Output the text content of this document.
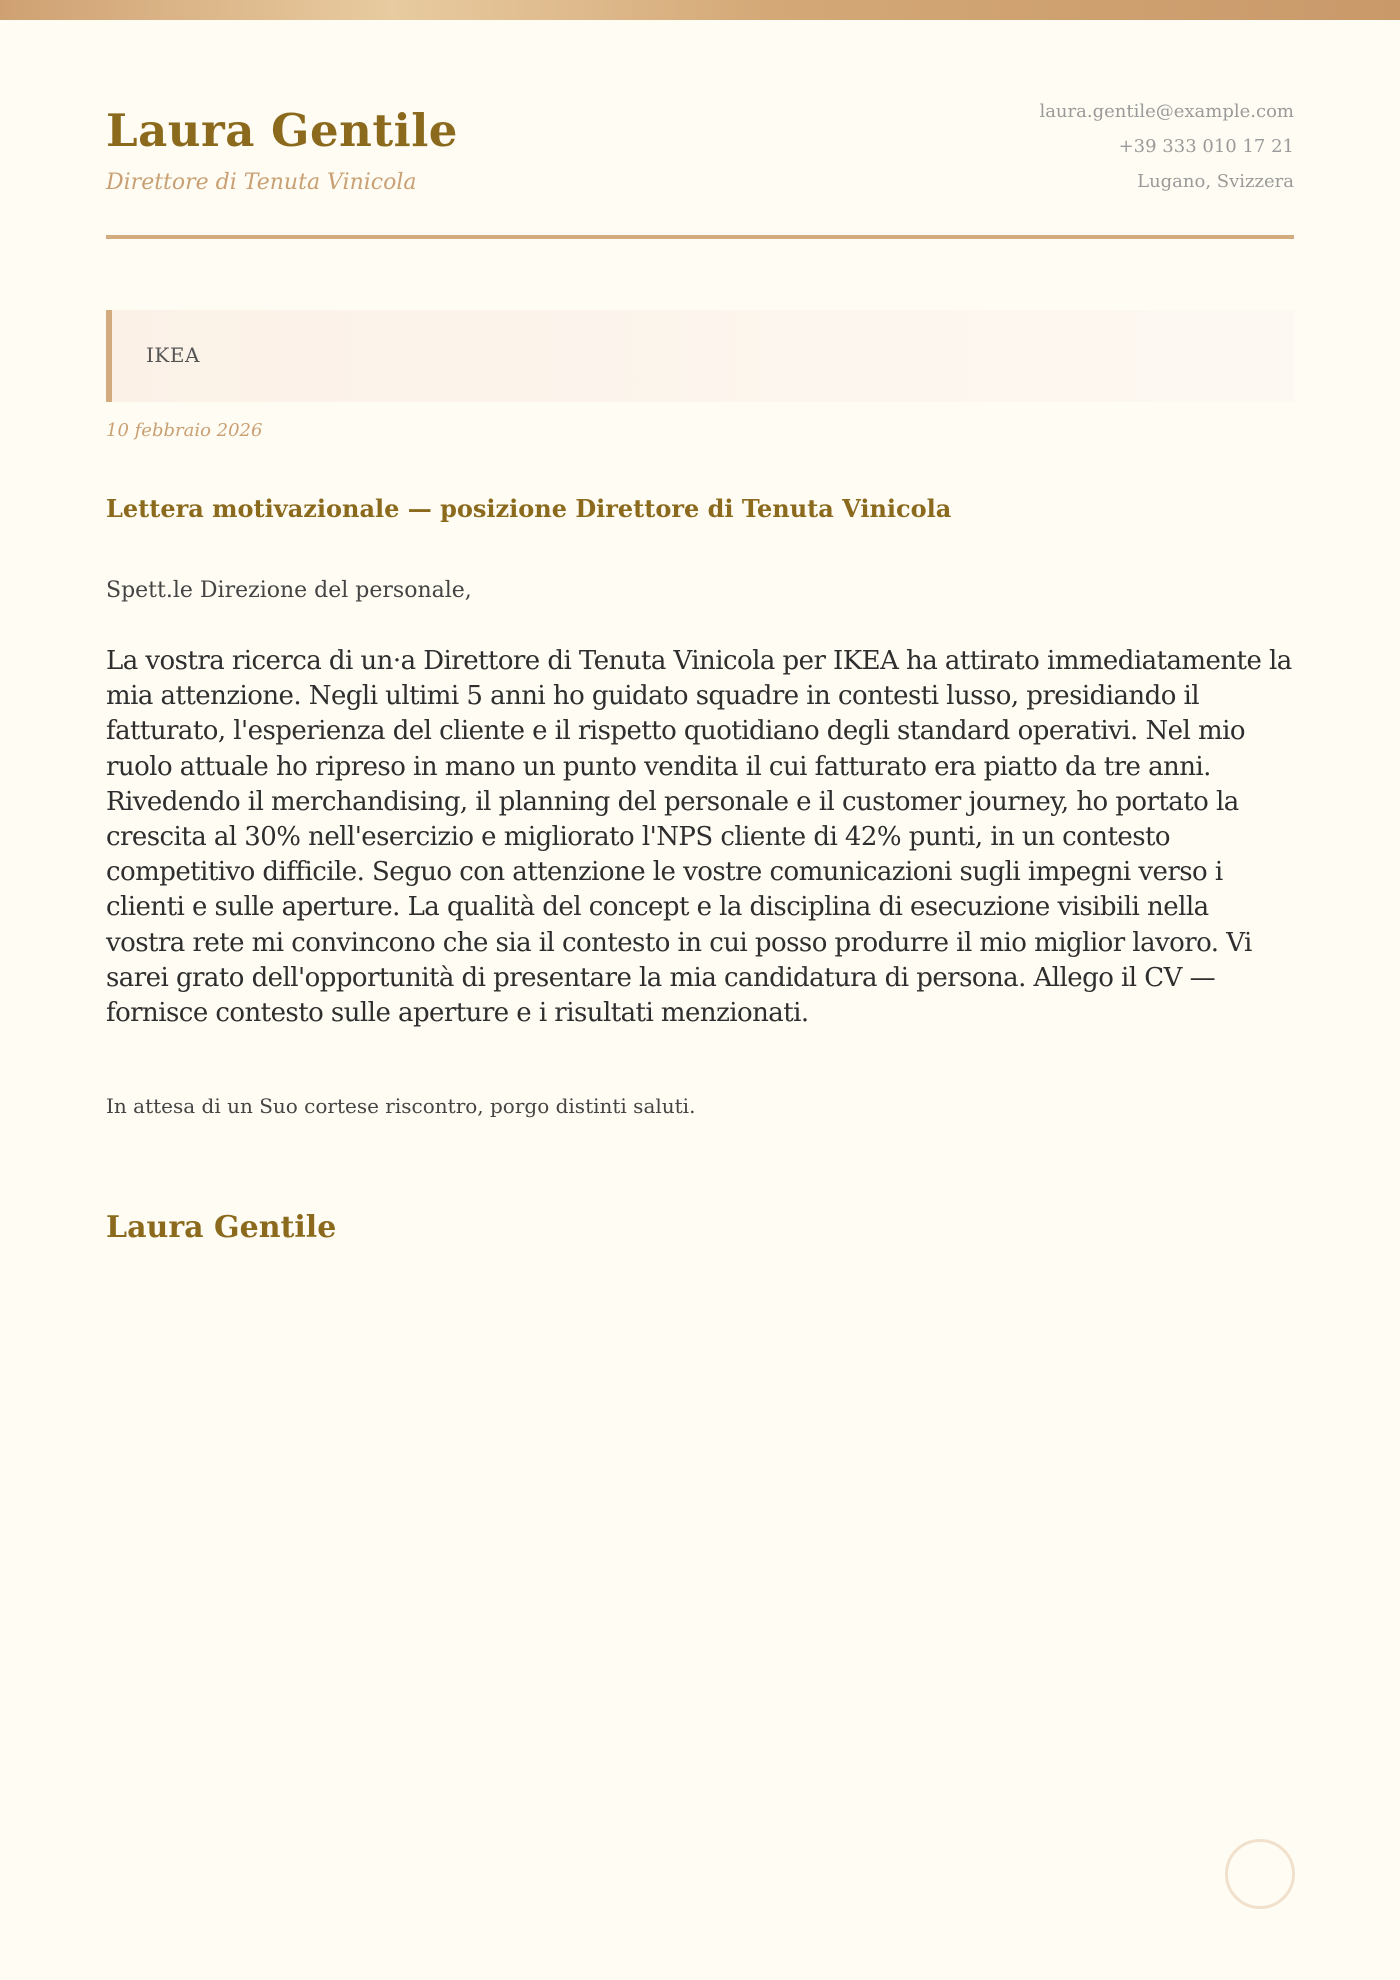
Laura Gentile
Direttore di Tenuta Vinicola
laura.gentile@example.com
+39 333 010 17 21
Lugano, Svizzera
IKEA
10 febbraio 2026
Lettera motivazionale — posizione Direttore di Tenuta Vinicola
Spett.le Direzione del personale,

La vostra ricerca di un·a Direttore di Tenuta Vinicola per IKEA ha attirato immediatamente la mia attenzione. Negli ultimi 5 anni ho guidato squadre in contesti lusso, presidiando il fatturato, l'esperienza del cliente e il rispetto quotidiano degli standard operativi. Nel mio ruolo attuale ho ripreso in mano un punto vendita il cui fatturato era piatto da tre anni. Rivedendo il merchandising, il planning del personale e il customer journey, ho portato la crescita al 30% nell'esercizio e migliorato l'NPS cliente di 42% punti, in un contesto competitivo difficile. Seguo con attenzione le vostre comunicazioni sugli impegni verso i clienti e sulle aperture. La qualità del concept e la disciplina di esecuzione visibili nella vostra rete mi convincono che sia il contesto in cui posso produrre il mio miglior lavoro. Vi sarei grato dell'opportunità di presentare la mia candidatura di persona. Allego il CV — fornisce contesto sulle aperture e i risultati menzionati.

In attesa di un Suo cortese riscontro, porgo distinti saluti.
Laura Gentile
